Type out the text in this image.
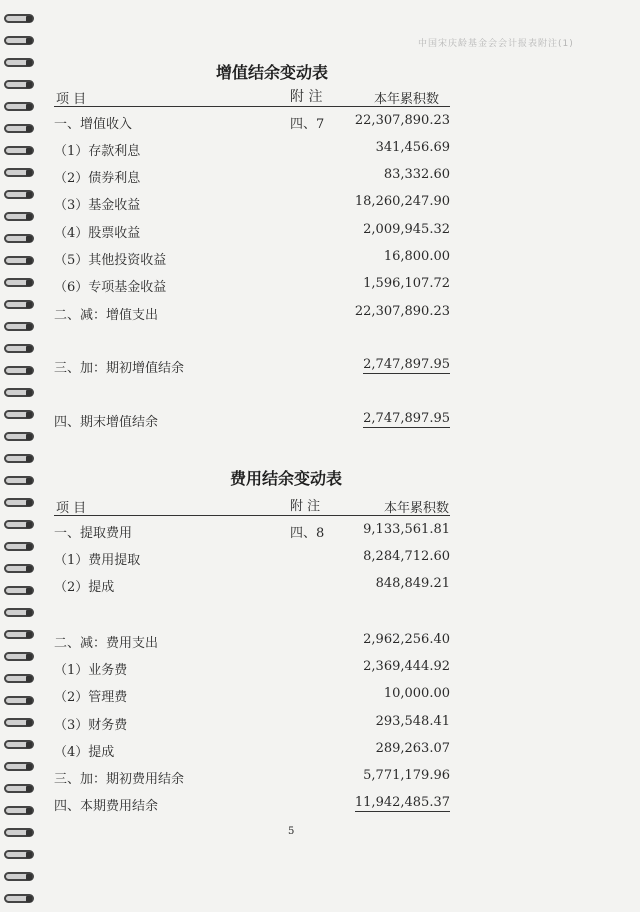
中国宋庆龄基金会会计报表附注(1)
增值结余变动表
项 目	附 注	本年累积数
一、增值收入	四、7 22,307,890.23
（1）存款利息	341,456.69
（2）债券利息	83,332.60
（3）基金收益	18,260,247.90
（4）股票收益	2,009,945.32
（5）其他投资收益	16,800.00
（6）专项基金收益	1,596,107.72
二、减：增值支出	22,307,890.23
三、加：期初增值结余	2,747,897.95
四、期末增值结余	2,747,897.95
费用结余变动表
项 目	附 注	本年累积数
一、提取费用	四、8	9,133,561.81
（1）费用提取	8,284,712.60
（2）提成	848,849.21
二、减：费用支出	2,962,256.40
（1）业务费	2,369,444.92
（2）管理费	10,000.00
（3）财务费	293,548.41
（4）提成	289,263.07
三、加：期初费用结余	5,771,179.96
四、本期费用结余	11,942,485.37
5
